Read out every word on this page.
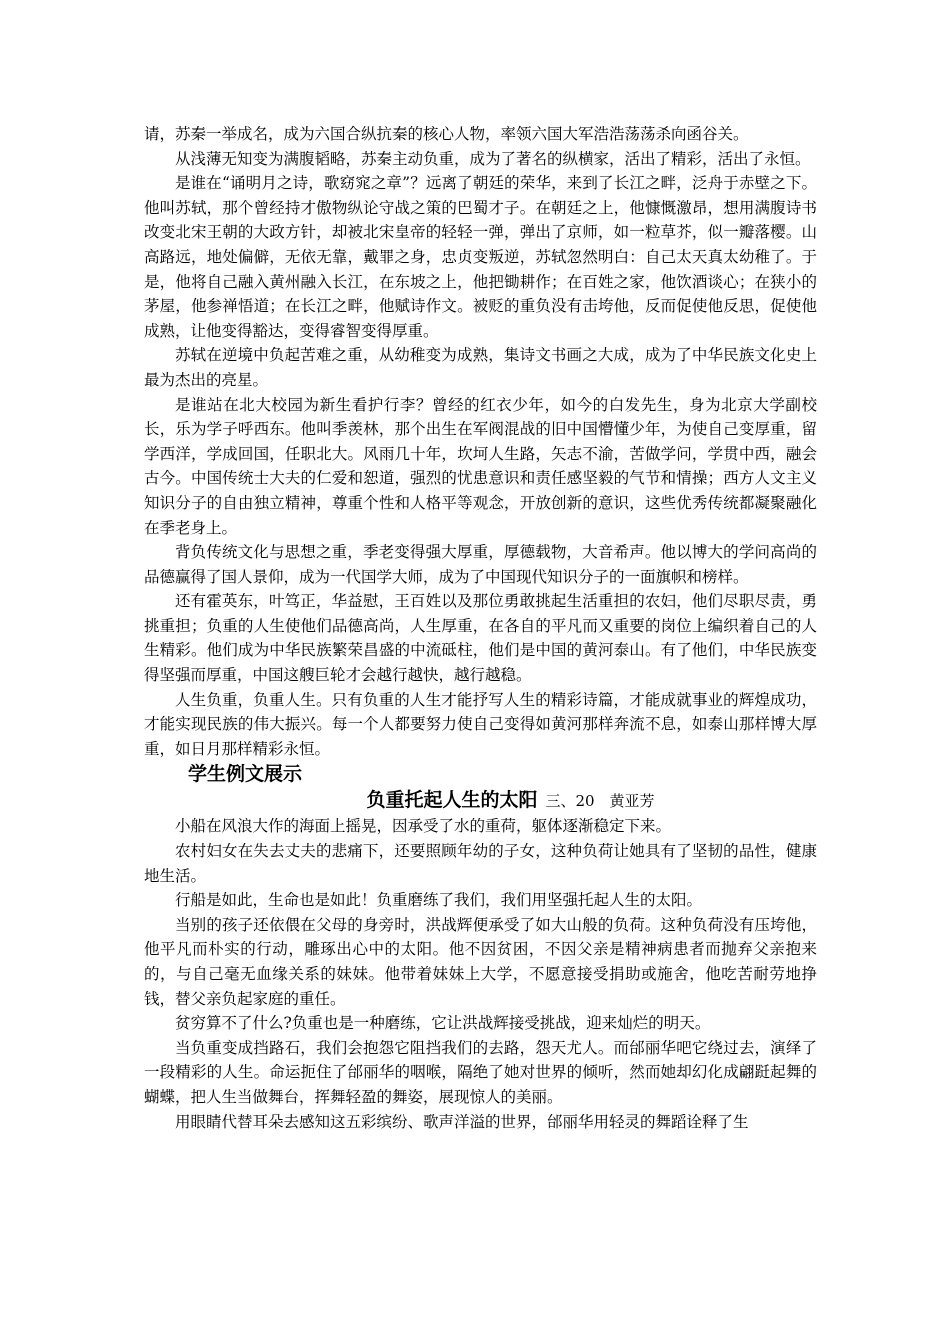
请，苏秦一举成名，成为六国合纵抗秦的核心人物，率领六国大军浩浩荡荡杀向函谷关。

从浅薄无知变为满腹韬略，苏秦主动负重，成为了著名的纵横家，活出了精彩，活出了永恒。

是谁在“诵明月之诗，歌窈窕之章”？远离了朝廷的荣华，来到了长江之畔，泛舟于赤壁之下。他叫苏轼，那个曾经持才傲物纵论守战之策的巴蜀才子。在朝廷之上，他慷慨激昂，想用满腹诗书改变北宋王朝的大政方针，却被北宋皇帝的轻轻一弹，弹出了京师，如一粒草芥，似一瓣落樱。山高路远，地处偏僻，无依无靠，戴罪之身，忠贞变叛逆，苏轼忽然明白：自己太天真太幼稚了。于是，他将自己融入黄州融入长江，在东坡之上，他把锄耕作；在百姓之家，他饮酒谈心；在狭小的茅屋，他参禅悟道；在长江之畔，他赋诗作文。被贬的重负没有击垮他，反而促使他反思，促使他成熟，让他变得豁达，变得睿智变得厚重。

苏轼在逆境中负起苦难之重，从幼稚变为成熟，集诗文书画之大成，成为了中华民族文化史上最为杰出的亮星。

是谁站在北大校园为新生看护行李？曾经的红衣少年，如今的白发先生，身为北京大学副校长，乐为学子呼西东。他叫季羡林，那个出生在军阀混战的旧中国懵懂少年，为使自己变厚重，留学西洋，学成回国，任职北大。风雨几十年，坎坷人生路，矢志不渝，苦做学问，学贯中西，融会古今。中国传统士大夫的仁爱和恕道，强烈的忧患意识和责任感坚毅的气节和情操；西方人文主义知识分子的自由独立精神，尊重个性和人格平等观念，开放创新的意识，这些优秀传统都凝聚融化在季老身上。

背负传统文化与思想之重，季老变得强大厚重，厚德载物，大音希声。他以博大的学问高尚的品德赢得了国人景仰，成为一代国学大师，成为了中国现代知识分子的一面旗帜和榜样。

还有霍英东，叶笃正，华益慰，王百姓以及那位勇敢挑起生活重担的农妇，他们尽职尽责，勇挑重担；负重的人生使他们品德高尚，人生厚重，在各自的平凡而又重要的岗位上编织着自己的人生精彩。他们成为中华民族繁荣昌盛的中流砥柱，他们是中国的黄河泰山。有了他们，中华民族变得坚强而厚重，中国这艘巨轮才会越行越快，越行越稳。

人生负重，负重人生。只有负重的人生才能抒写人生的精彩诗篇，才能成就事业的辉煌成功，才能实现民族的伟大振兴。每一个人都要努力使自己变得如黄河那样奔流不息，如泰山那样博大厚重，如日月那样精彩永恒。

学生例文展示
负重托起人生的太阳 三、20　黄亚芳

小船在风浪大作的海面上摇晃，因承受了水的重荷，躯体逐渐稳定下来。

农村妇女在失去丈夫的悲痛下，还要照顾年幼的子女，这种负荷让她具有了坚韧的品性，健康地生活。

行船是如此，生命也是如此！负重磨练了我们，我们用坚强托起人生的太阳。

当别的孩子还依偎在父母的身旁时，洪战辉便承受了如大山般的负荷。这种负荷没有压垮他，他平凡而朴实的行动，雕琢出心中的太阳。他不因贫困，不因父亲是精神病患者而抛弃父亲抱来的，与自己毫无血缘关系的妹妹。他带着妹妹上大学，不愿意接受捐助或施舍，他吃苦耐劳地挣钱，替父亲负起家庭的重任。

贫穷算不了什么?负重也是一种磨练，它让洪战辉接受挑战，迎来灿烂的明天。

当负重变成挡路石，我们会抱怨它阻挡我们的去路，怨天尤人。而邰丽华吧它绕过去，演绎了一段精彩的人生。命运扼住了邰丽华的咽喉，隔绝了她对世界的倾听，然而她却幻化成翩跹起舞的蝴蝶，把人生当做舞台，挥舞轻盈的舞姿，展现惊人的美丽。

用眼睛代替耳朵去感知这五彩缤纷、歌声洋溢的世界，邰丽华用轻灵的舞蹈诠释了生
